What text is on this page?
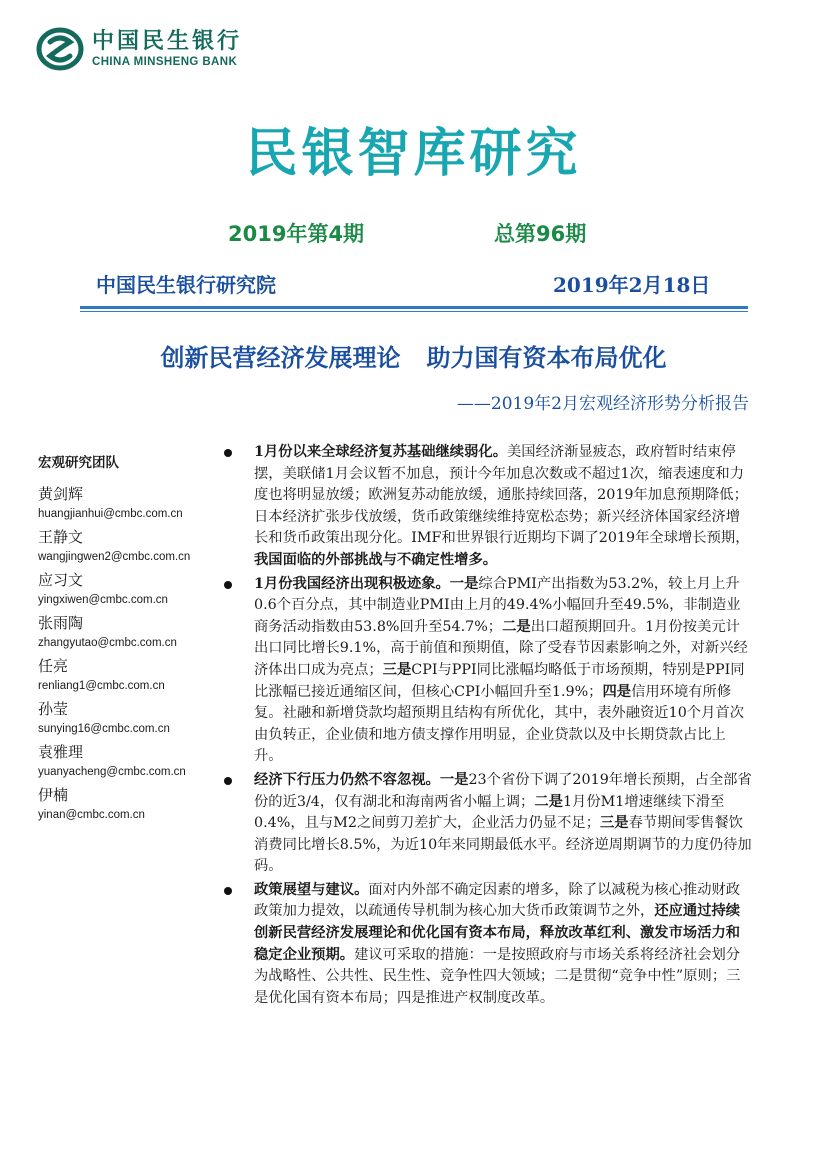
中国民生银行
CHINA MINSHENG BANK
民银智库研究
2019年第4期	总第96期
中国民生银行研究院	2019年2月18日
创新民营经济发展理论 助力国有资本布局优化
——2019年2月宏观经济形势分析报告
宏观研究团队
黄剑辉
huangjianhui@cmbc.com.cn
王静文
wangjingwen2@cmbc.com.cn
应习文
yingxiwen@cmbc.com.cn
张雨陶
zhangyutao@cmbc.com.cn
任亮
renliang1@cmbc.com.cn
孙莹
sunying16@cmbc.com.cn
袁雅理
yuanyacheng@cmbc.com.cn
伊楠
yinan@cmbc.com.cn
1月份以来全球经济复苏基础继续弱化。美国经济渐显疲态，政府暂时结束停摆，美联储1月会议暂不加息，预计今年加息次数或不超过1次，缩表速度和力度也将明显放缓；欧洲复苏动能放缓，通胀持续回落，2019年加息预期降低；日本经济扩张步伐放缓，货币政策继续维持宽松态势；新兴经济体国家经济增长和货币政策出现分化。IMF和世界银行近期均下调了2019年全球增长预期，我国面临的外部挑战与不确定性增多。
1月份我国经济出现积极迹象。一是综合PMI产出指数为53.2%，较上月上升0.6个百分点，其中制造业PMI由上月的49.4%小幅回升至49.5%，非制造业商务活动指数由53.8%回升至54.7%；二是出口超预期回升。1月份按美元计出口同比增长9.1%，高于前值和预期值，除了受春节因素影响之外，对新兴经济体出口成为亮点；三是CPI与PPI同比涨幅均略低于市场预期，特别是PPI同比涨幅已接近通缩区间，但核心CPI小幅回升至1.9%；四是信用环境有所修复。社融和新增贷款均超预期且结构有所优化，其中，表外融资近10个月首次由负转正，企业债和地方债支撑作用明显，企业贷款以及中长期贷款占比上升。
经济下行压力仍然不容忽视。一是23个省份下调了2019年增长预期，占全部省份的近3/4，仅有湖北和海南两省小幅上调；二是1月份M1增速继续下滑至0.4%，且与M2之间剪刀差扩大，企业活力仍显不足；三是春节期间零售餐饮消费同比增长8.5%，为近10年来同期最低水平。经济逆周期调节的力度仍待加码。
政策展望与建议。面对内外部不确定因素的增多，除了以减税为核心推动财政政策加力提效，以疏通传导机制为核心加大货币政策调节之外，还应通过持续创新民营经济发展理论和优化国有资本布局，释放改革红利、激发市场活力和稳定企业预期。建议可采取的措施：一是按照政府与市场关系将经济社会划分为战略性、公共性、民生性、竞争性四大领域；二是贯彻“竞争中性”原则；三是优化国有资本布局；四是推进产权制度改革。
